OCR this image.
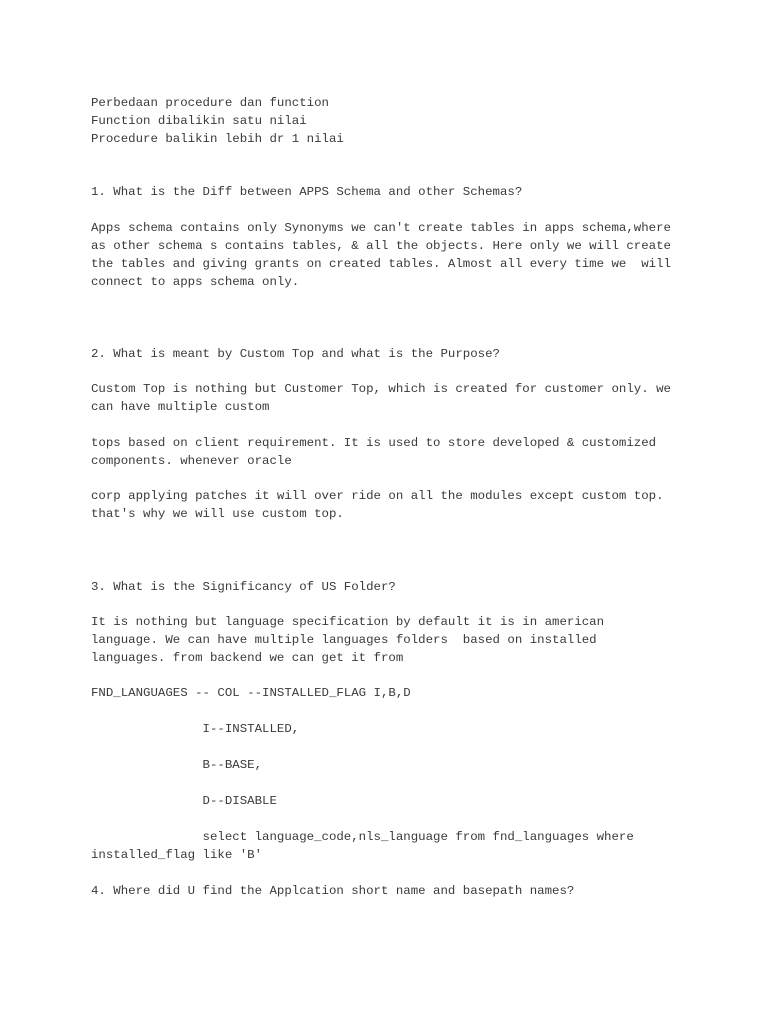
Perbedaan procedure dan function

Function dibalikin satu nilai

Procedure balikin lebih dr 1 nilai

1. What is the Diff between APPS Schema and other Schemas?

Apps schema contains only Synonyms we can't create tables in apps schema,where

as other schema s contains tables, & all the objects. Here only we will create

the tables and giving grants on created tables. Almost all every time we  will

connect to apps schema only.

2. What is meant by Custom Top and what is the Purpose?

Custom Top is nothing but Customer Top, which is created for customer only. we

can have multiple custom

tops based on client requirement. It is used to store developed & customized

components. whenever oracle

corp applying patches it will over ride on all the modules except custom top.

that's why we will use custom top.

3. What is the Significancy of US Folder?

It is nothing but language specification by default it is in american

language. We can have multiple languages folders  based on installed

languages. from backend we can get it from

FND_LANGUAGES -- COL --INSTALLED_FLAG I,B,D

I--INSTALLED,

B--BASE,

D--DISABLE

select language_code,nls_language from fnd_languages where

installed_flag like 'B'

4. Where did U find the Applcation short name and basepath names?
